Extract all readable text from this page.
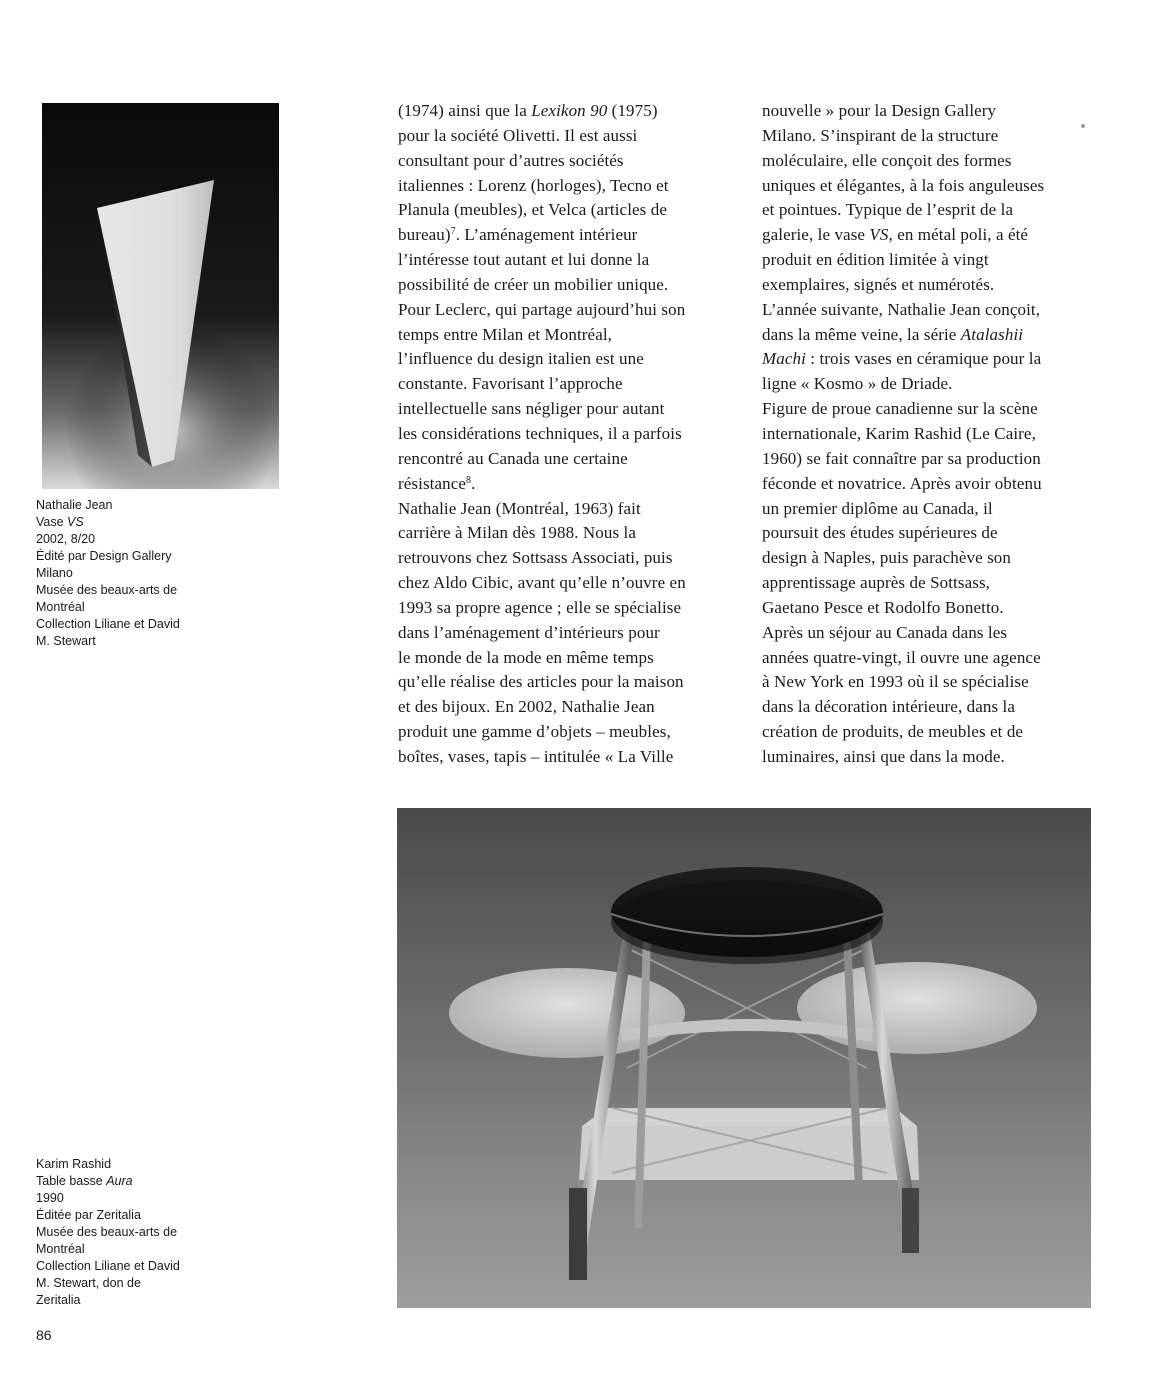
Nathalie Jean
Vase VS
2002, 8/20
Édité par Design Gallery
Milano
Musée des beaux-arts de
Montréal
Collection Liliane et David
M. Stewart
(1974) ainsi que la Lexikon 90 (1975)
pour la société Olivetti. Il est aussi
consultant pour d’autres sociétés
italiennes : Lorenz (horloges), Tecno et
Planula (meubles), et Velca (articles de
bureau)$^7$. L’aménagement intérieur
l’intéresse tout autant et lui donne la
possibilité de créer un mobilier unique.
Pour Leclerc, qui partage aujourd’hui son
temps entre Milan et Montréal,
l’influence du design italien est une
constante. Favorisant l’approche
intellectuelle sans négliger pour autant
les considérations techniques, il a parfois
rencontré au Canada une certaine
résistance$^8$.
Nathalie Jean (Montréal, 1963) fait
carrière à Milan dès 1988. Nous la
retrouvons chez Sottsass Associati, puis
chez Aldo Cibic, avant qu’elle n’ouvre en
1993 sa propre agence ; elle se spécialise
dans l’aménagement d’intérieurs pour
le monde de la mode en même temps
qu’elle réalise des articles pour la maison
et des bijoux. En 2002, Nathalie Jean
produit une gamme d’objets – meubles,
boîtes, vases, tapis – intitulée « La Ville
nouvelle » pour la Design Gallery
Milano. S’inspirant de la structure
moléculaire, elle conçoit des formes
uniques et élégantes, à la fois anguleuses
et pointues. Typique de l’esprit de la
galerie, le vase VS, en métal poli, a été
produit en édition limitée à vingt
exemplaires, signés et numérotés.
L’année suivante, Nathalie Jean conçoit,
dans la même veine, la série Atalashii
Machi : trois vases en céramique pour la
ligne « Kosmo » de Driade.
Figure de proue canadienne sur la scène
internationale, Karim Rashid (Le Caire,
1960) se fait connaître par sa production
féconde et novatrice. Après avoir obtenu
un premier diplôme au Canada, il
poursuit des études supérieures de
design à Naples, puis parachève son
apprentissage auprès de Sottsass,
Gaetano Pesce et Rodolfo Bonetto.
Après un séjour au Canada dans les
années quatre-vingt, il ouvre une agence
à New York en 1993 où il se spécialise
dans la décoration intérieure, dans la
création de produits, de meubles et de
luminaires, ainsi que dans la mode.
Karim Rashid
Table basse Aura
1990
Éditée par Zeritalia
Musée des beaux-arts de
Montréal
Collection Liliane et David
M. Stewart, don de
Zeritalia
86
